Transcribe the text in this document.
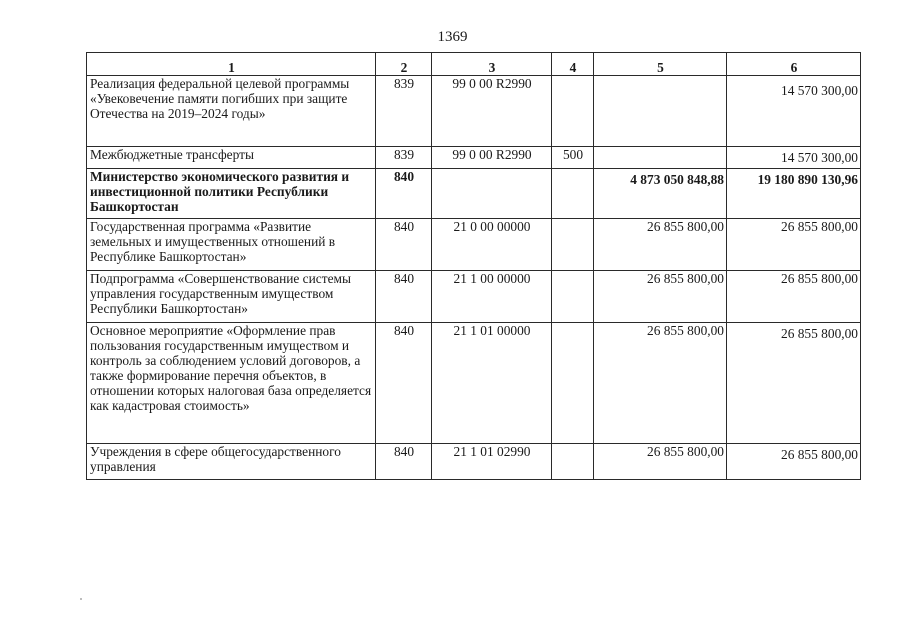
1369
1	2	3	4	5	6
Реализация федеральной целевой программы «Увековечение памяти погибших при защите Отечества на 2019–2024 годы»	839	99 0 00 R2990			14 570 300,00
Межбюджетные трансферты	839	99 0 00 R2990	500		14 570 300,00
Министерство экономического развития и инвестиционной политики Республики Башкортостан	840			4 873 050 848,88	19 180 890 130,96
Государственная программа «Развитие земельных и имущественных отношений в Республике Башкортостан»	840	21 0 00 00000		26 855 800,00	26 855 800,00
Подпрограмма «Совершенствование системы управления государственным имуществом Республики Башкортостан»	840	21 1 00 00000		26 855 800,00	26 855 800,00
Основное мероприятие «Оформление прав пользования государственным имуществом и контроль за соблюдением условий договоров, а также формирование перечня объектов, в отношении которых налоговая база определяется как кадастровая стоимость»	840	21 1 01 00000		26 855 800,00	26 855 800,00
Учреждения в сфере общегосударственного управления	840	21 1 01 02990		26 855 800,00	26 855 800,00
